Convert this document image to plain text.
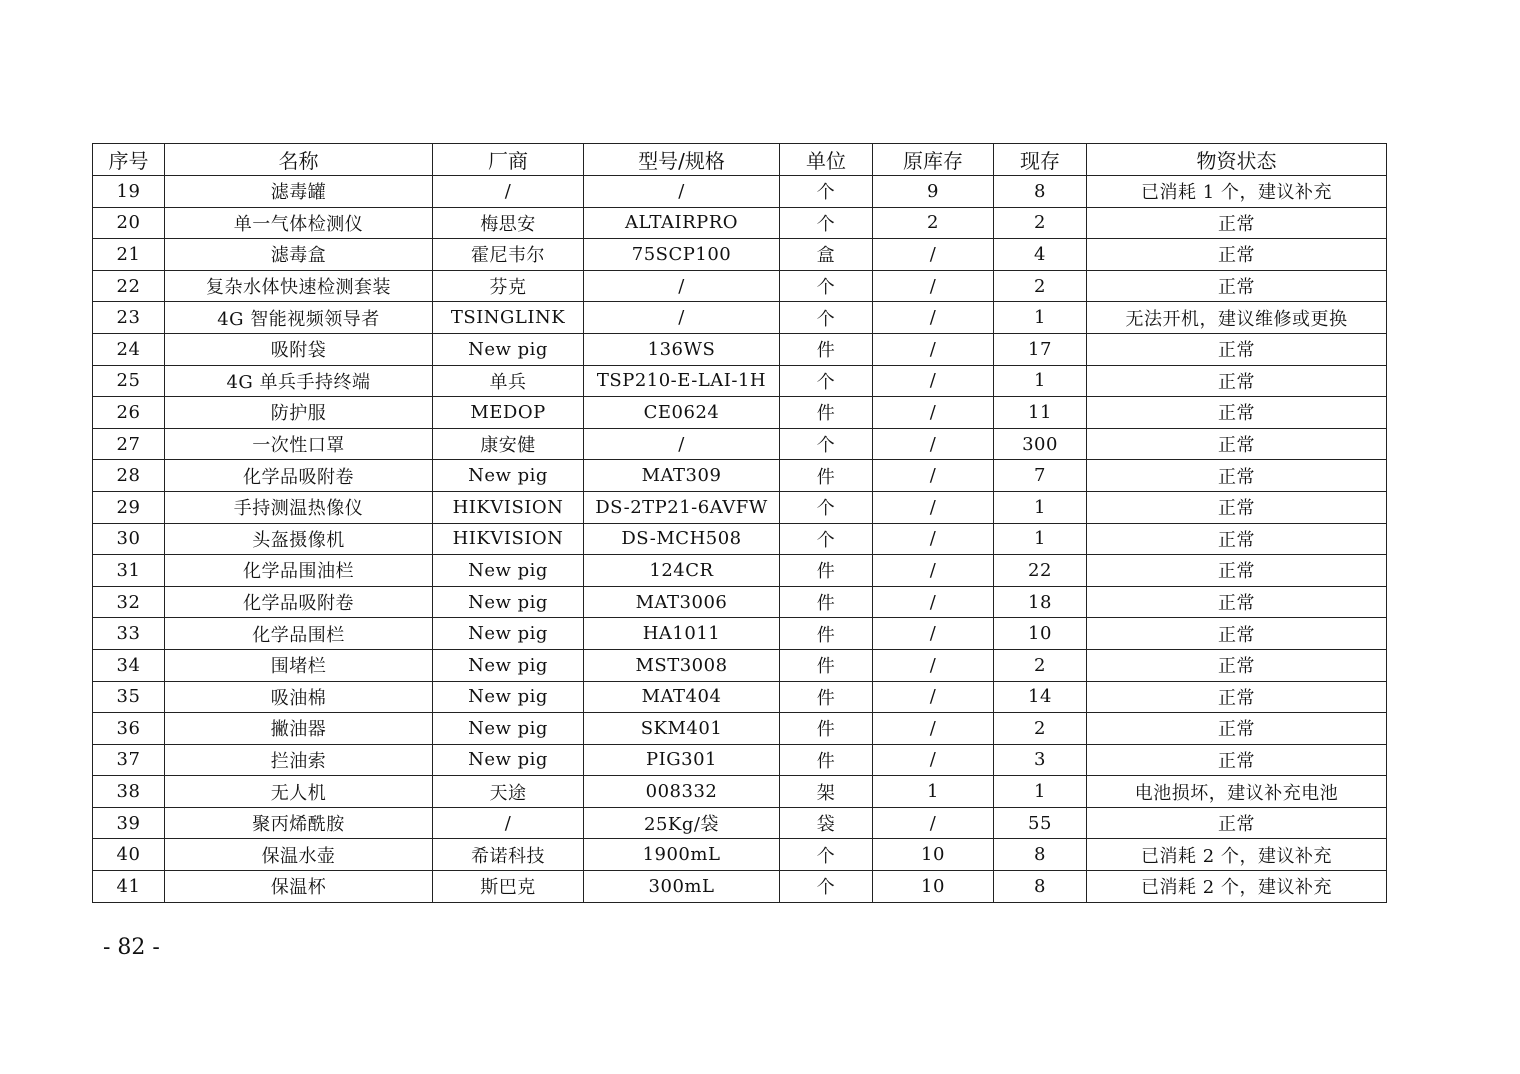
序号	名称	厂商	型号/规格	单位	原库存	现存	物资状态
19	滤毒罐	/	/	个	9	8	已消耗 1 个，建议补充
20	单一气体检测仪	梅思安	ALTAIRPRO	个	2	2	正常
21	滤毒盒	霍尼韦尔	75SCP100	盒	/	4	正常
22	复杂水体快速检测套装	芬克	/	个	/	2	正常
23	4G 智能视频领导者	TSINGLINK	/	个	/	1	无法开机，建议维修或更换
24	吸附袋	New pig	136WS	件	/	17	正常
25	4G 单兵手持终端	单兵	TSP210-E-LAI-1H	个	/	1	正常
26	防护服	MEDOP	CE0624	件	/	11	正常
27	一次性口罩	康安健	/	个	/	300	正常
28	化学品吸附卷	New pig	MAT309	件	/	7	正常
29	手持测温热像仪	HIKVISION	DS-2TP21-6AVFW	个	/	1	正常
30	头盔摄像机	HIKVISION	DS-MCH508	个	/	1	正常
31	化学品围油栏	New pig	124CR	件	/	22	正常
32	化学品吸附卷	New pig	MAT3006	件	/	18	正常
33	化学品围栏	New pig	HA1011	件	/	10	正常
34	围堵栏	New pig	MST3008	件	/	2	正常
35	吸油棉	New pig	MAT404	件	/	14	正常
36	撇油器	New pig	SKM401	件	/	2	正常
37	拦油索	New pig	PIG301	件	/	3	正常
38	无人机	天途	008332	架	1	1	电池损坏，建议补充电池
39	聚丙烯酰胺	/	25Kg/袋	袋	/	55	正常
40	保温水壶	希诺科技	1900mL	个	10	8	已消耗 2 个，建议补充
41	保温杯	斯巴克	300mL	个	10	8	已消耗 2 个，建议补充
- 82 -
